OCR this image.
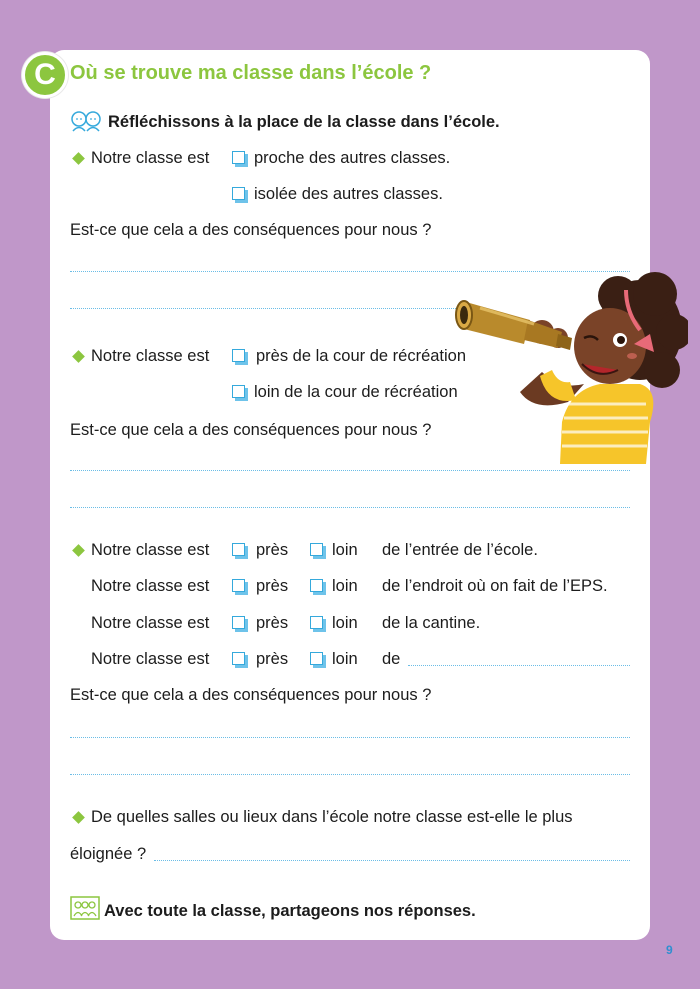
C Où se trouve ma classe dans l’école ?
Réfléchissons à la place de la classe dans l’école.
Notre classe est	proche des autres classes.
isolée des autres classes.
Est-ce que cela a des conséquences pour nous ?
Notre classe est	près de la cour de récréation
loin de la cour de récréation
Est-ce que cela a des conséquences pour nous ?
Notre classe est	près	loin de l’entrée de l’école.
Notre classe est	près	loin de l’endroit où on fait de l’EPS.
Notre classe est	près	loin de la cantine.
Notre classe est	près	loin de
Est-ce que cela a des conséquences pour nous ?
De quelles salles ou lieux dans l’école notre classe est-elle le plus
éloignée ?
Avec toute la classe, partageons nos réponses.
9
